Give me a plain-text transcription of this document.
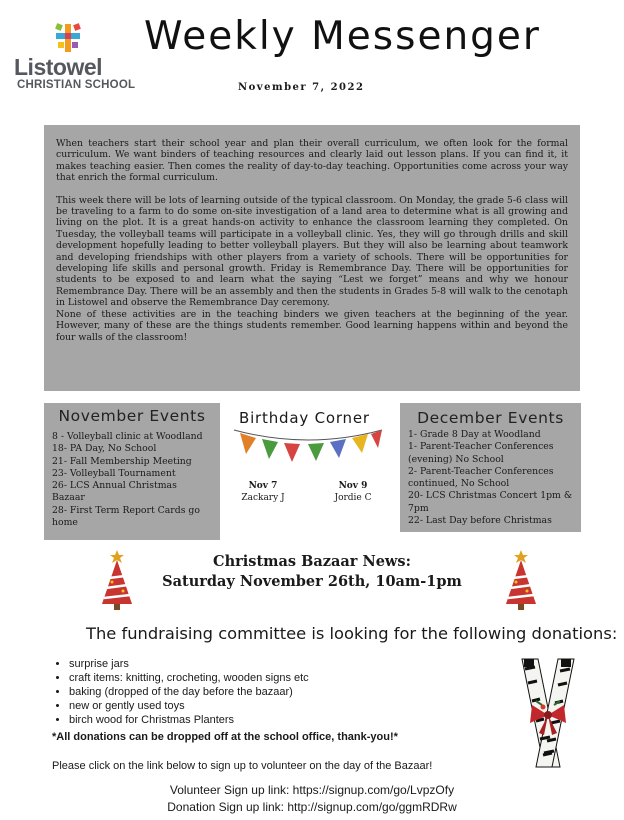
Listowel
CHRISTIAN SCHOOL
Weekly Messenger
November 7, 2022

When teachers start their school year and plan their overall curriculum, we often look for the formal curriculum. We want binders of teaching resources and clearly laid out lesson plans. If you can find it, it makes teaching easier. Then comes the reality of day-to-day teaching. Opportunities come across your way that enrich the formal curriculum.

This week there will be lots of learning outside of the typical classroom. On Monday, the grade 5-6 class will be traveling to a farm to do some on-site investigation of a land area to determine what is all growing and living on the plot. It is a great hands-on activity to enhance the classroom learning they completed. On Tuesday, the volleyball teams will participate in a volleyball clinic. Yes, they will go through drills and skill development hopefully leading to better volleyball players. But they will also be learning about teamwork and developing friendships with other players from a variety of schools. There will be opportunities for developing life skills and personal growth. Friday is Remembrance Day. There will be opportunities for students to be exposed to and learn what the saying “Lest we forget” means and why we honour Remembrance Day. There will be an assembly and then the students in Grades 5-8 will walk to the cenotaph in Listowel and observe the Remembrance Day ceremony.

None of these activities are in the teaching binders we given teachers at the beginning of the year. However, many of these are the things students remember. Good learning happens within and beyond the four walls of the classroom!

November Events
8 - Volleyball clinic at Woodland
18- PA Day, No School
21- Fall Membership Meeting
23- Volleyball Tournament
26- LCS Annual Christmas Bazaar
28- First Term Report Cards go home
Birthday Corner
Nov 7
Zackary J
Nov 9
Jordie C
December Events
1- Grade 8 Day at Woodland
1- Parent-Teacher Conferences (evening) No School
2- Parent-Teacher Conferences continued, No School
20- LCS Christmas Concert 1pm & 7pm
22- Last Day before Christmas
Christmas Bazaar News:
Saturday November 26th, 10am-1pm
The fundraising committee is looking for the following donations:
• surprise jars
• craft items: knitting, crocheting, wooden signs etc
• baking (dropped of the day before the bazaar)
• new or gently used toys
• birch wood for Christmas Planters
*All donations can be dropped off at the school office, thank-you!*
Please click on the link below to sign up to volunteer on the day of the Bazaar!
Volunteer Sign up link: https://signup.com/go/LvpzOfy
Donation Sign up link: http://signup.com/go/ggmRDRw
